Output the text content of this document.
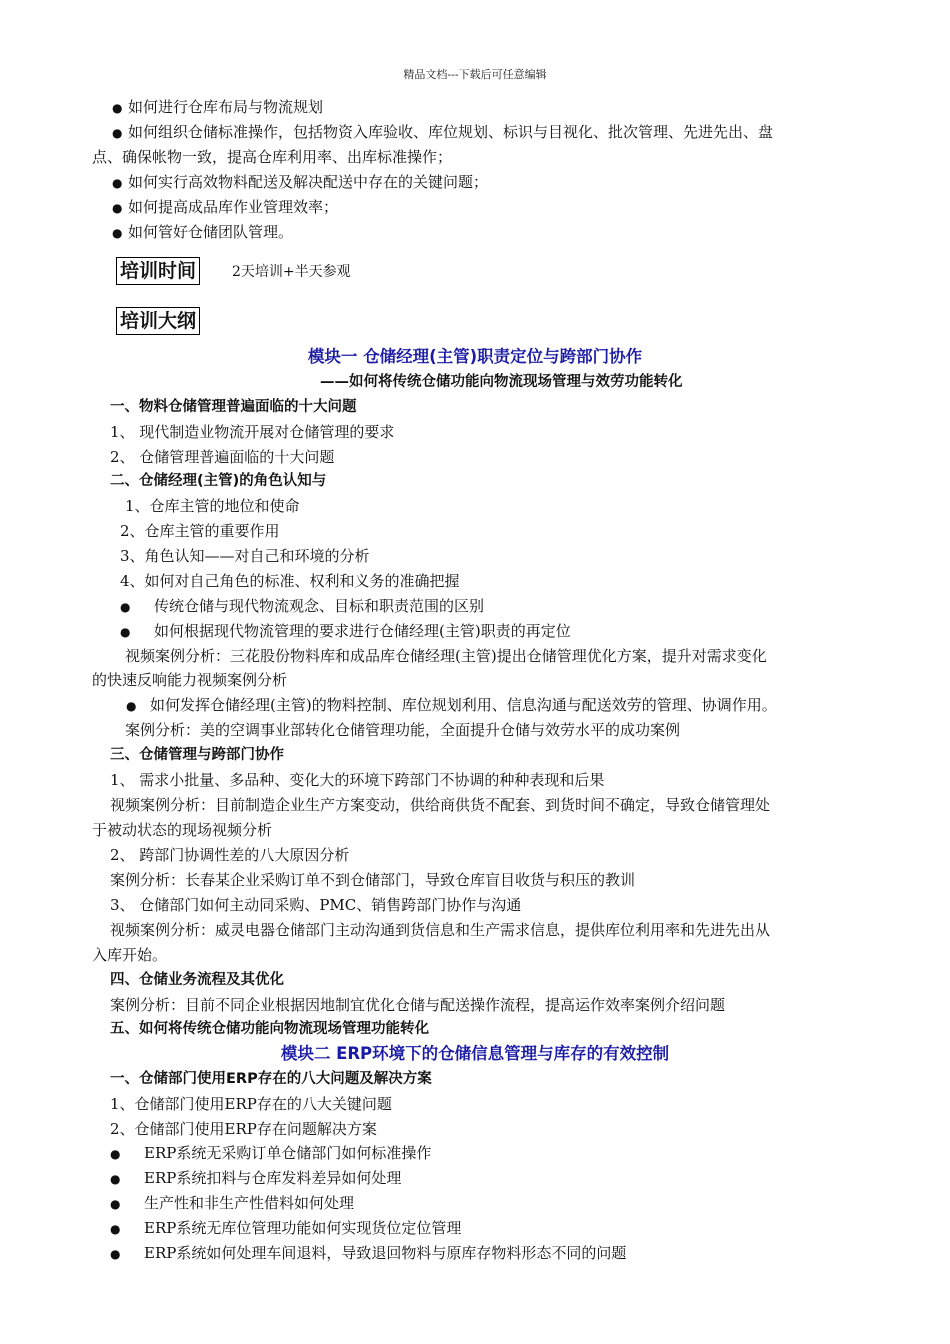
精品文档---下载后可任意编辑
● 如何进行仓库布局与物流规划
● 如何组织仓储标准操作，包括物资入库验收、库位规划、标识与目视化、批次管理、先进先出、盘
点、确保帐物一致，提高仓库利用率、出库标准操作；
● 如何实行高效物料配送及解决配送中存在的关键问题；
● 如何提高成品库作业管理效率；
● 如何管好仓储团队管理。
培训时间	2天培训+半天参观
培训大纲
模块一 仓储经理(主管)职责定位与跨部门协作
——如何将传统仓储功能向物流现场管理与效劳功能转化
一、物料仓储管理普遍面临的十大问题
1、 现代制造业物流开展对仓储管理的要求
2、 仓储管理普遍面临的十大问题
二、仓储经理(主管)的角色认知与
1、仓库主管的地位和使命
2、仓库主管的重要作用
3、角色认知——对自己和环境的分析
4、如何对自己角色的标准、权利和义务的准确把握
● 传统仓储与现代物流观念、目标和职责范围的区别
● 如何根据现代物流管理的要求进行仓储经理(主管)职责的再定位
视频案例分析：三花股份物料库和成品库仓储经理(主管)提出仓储管理优化方案，提升对需求变化
的快速反响能力视频案例分析
● 如何发挥仓储经理(主管)的物料控制、库位规划利用、信息沟通与配送效劳的管理、协调作用。
案例分析：美的空调事业部转化仓储管理功能，全面提升仓储与效劳水平的成功案例
三、仓储管理与跨部门协作
1、 需求小批量、多品种、变化大的环境下跨部门不协调的种种表现和后果
视频案例分析：目前制造企业生产方案变动，供给商供货不配套、到货时间不确定，导致仓储管理处
于被动状态的现场视频分析
2、 跨部门协调性差的八大原因分析
案例分析：长春某企业采购订单不到仓储部门，导致仓库盲目收货与积压的教训
3、 仓储部门如何主动同采购、PMC、销售跨部门协作与沟通
视频案例分析：威灵电器仓储部门主动沟通到货信息和生产需求信息，提供库位利用率和先进先出从
入库开始。
四、仓储业务流程及其优化
案例分析：目前不同企业根据因地制宜优化仓储与配送操作流程，提高运作效率案例介绍问题
五、如何将传统仓储功能向物流现场管理功能转化
模块二 ERP环境下的仓储信息管理与库存的有效控制
一、仓储部门使用ERP存在的八大问题及解决方案
1、仓储部门使用ERP存在的八大关键问题
2、仓储部门使用ERP存在问题解决方案
● ERP系统无采购订单仓储部门如何标准操作
● ERP系统扣料与仓库发料差异如何处理
● 生产性和非生产性借料如何处理
● ERP系统无库位管理功能如何实现货位定位管理
● ERP系统如何处理车间退料，导致退回物料与原库存物料形态不同的问题
